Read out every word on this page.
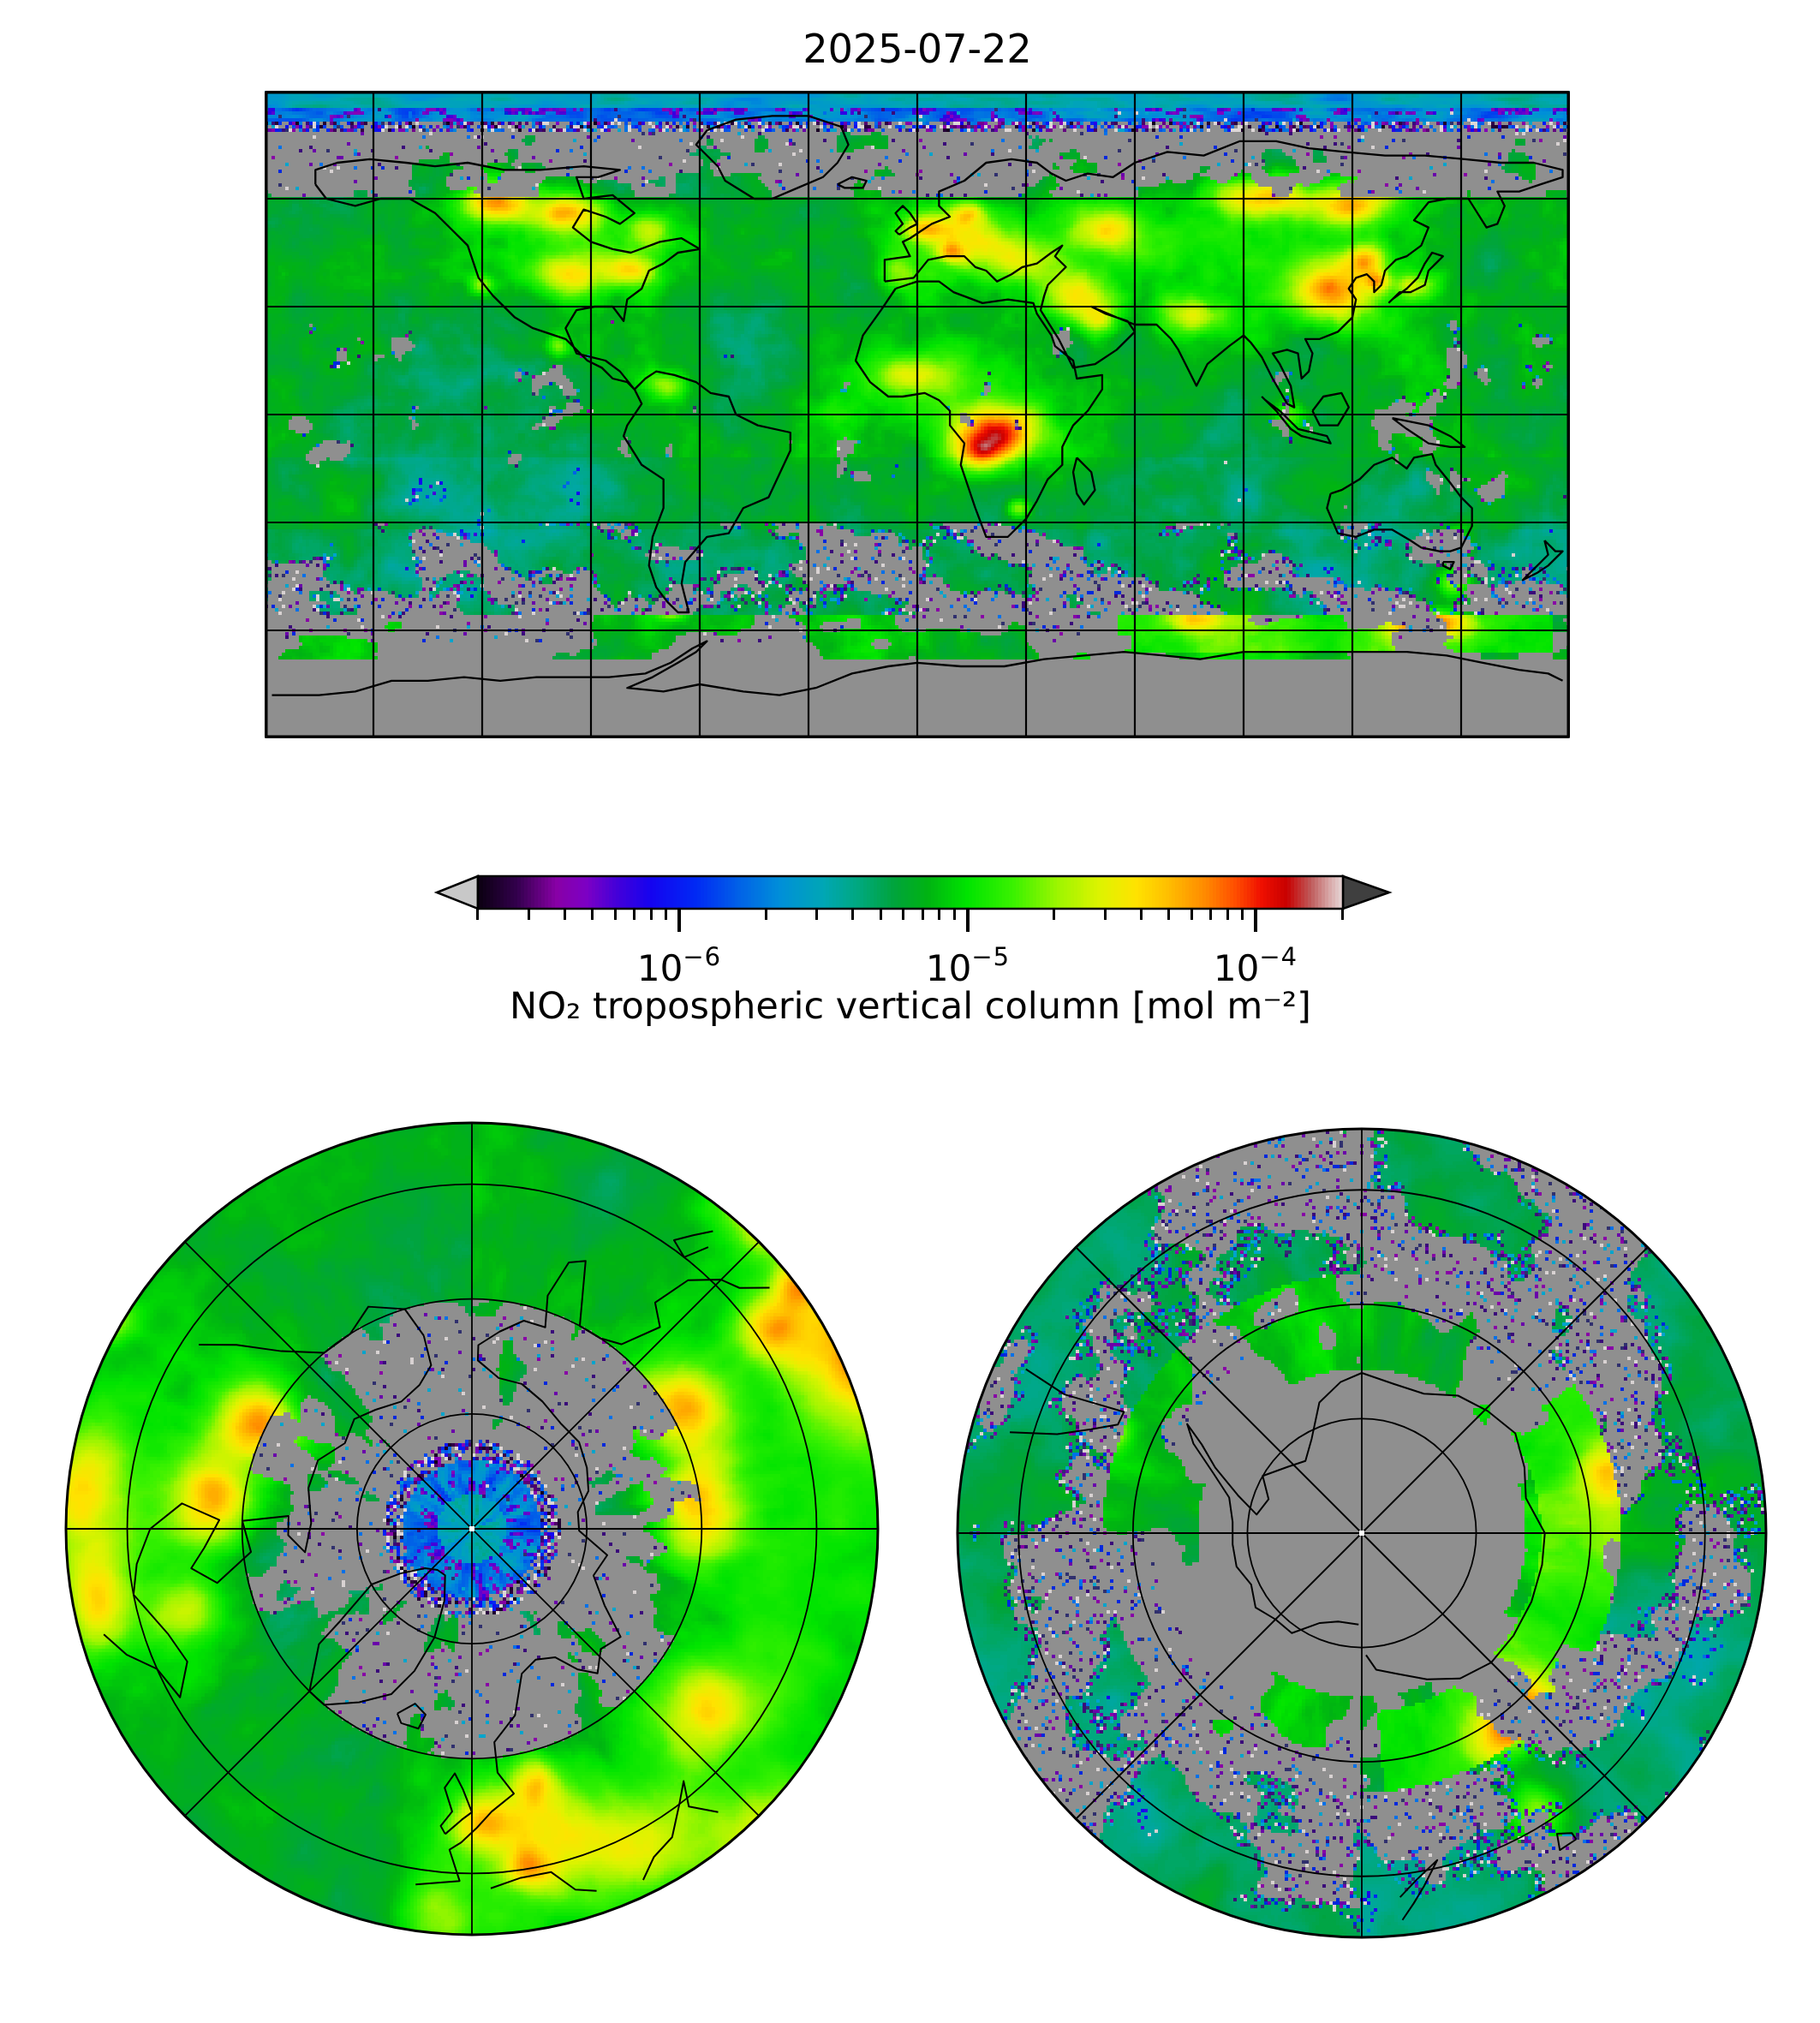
2025-07-22
$10^{-6}$	$10^{-5}$	$10^{-4}$
NO₂ tropospheric vertical column [mol m⁻²]
